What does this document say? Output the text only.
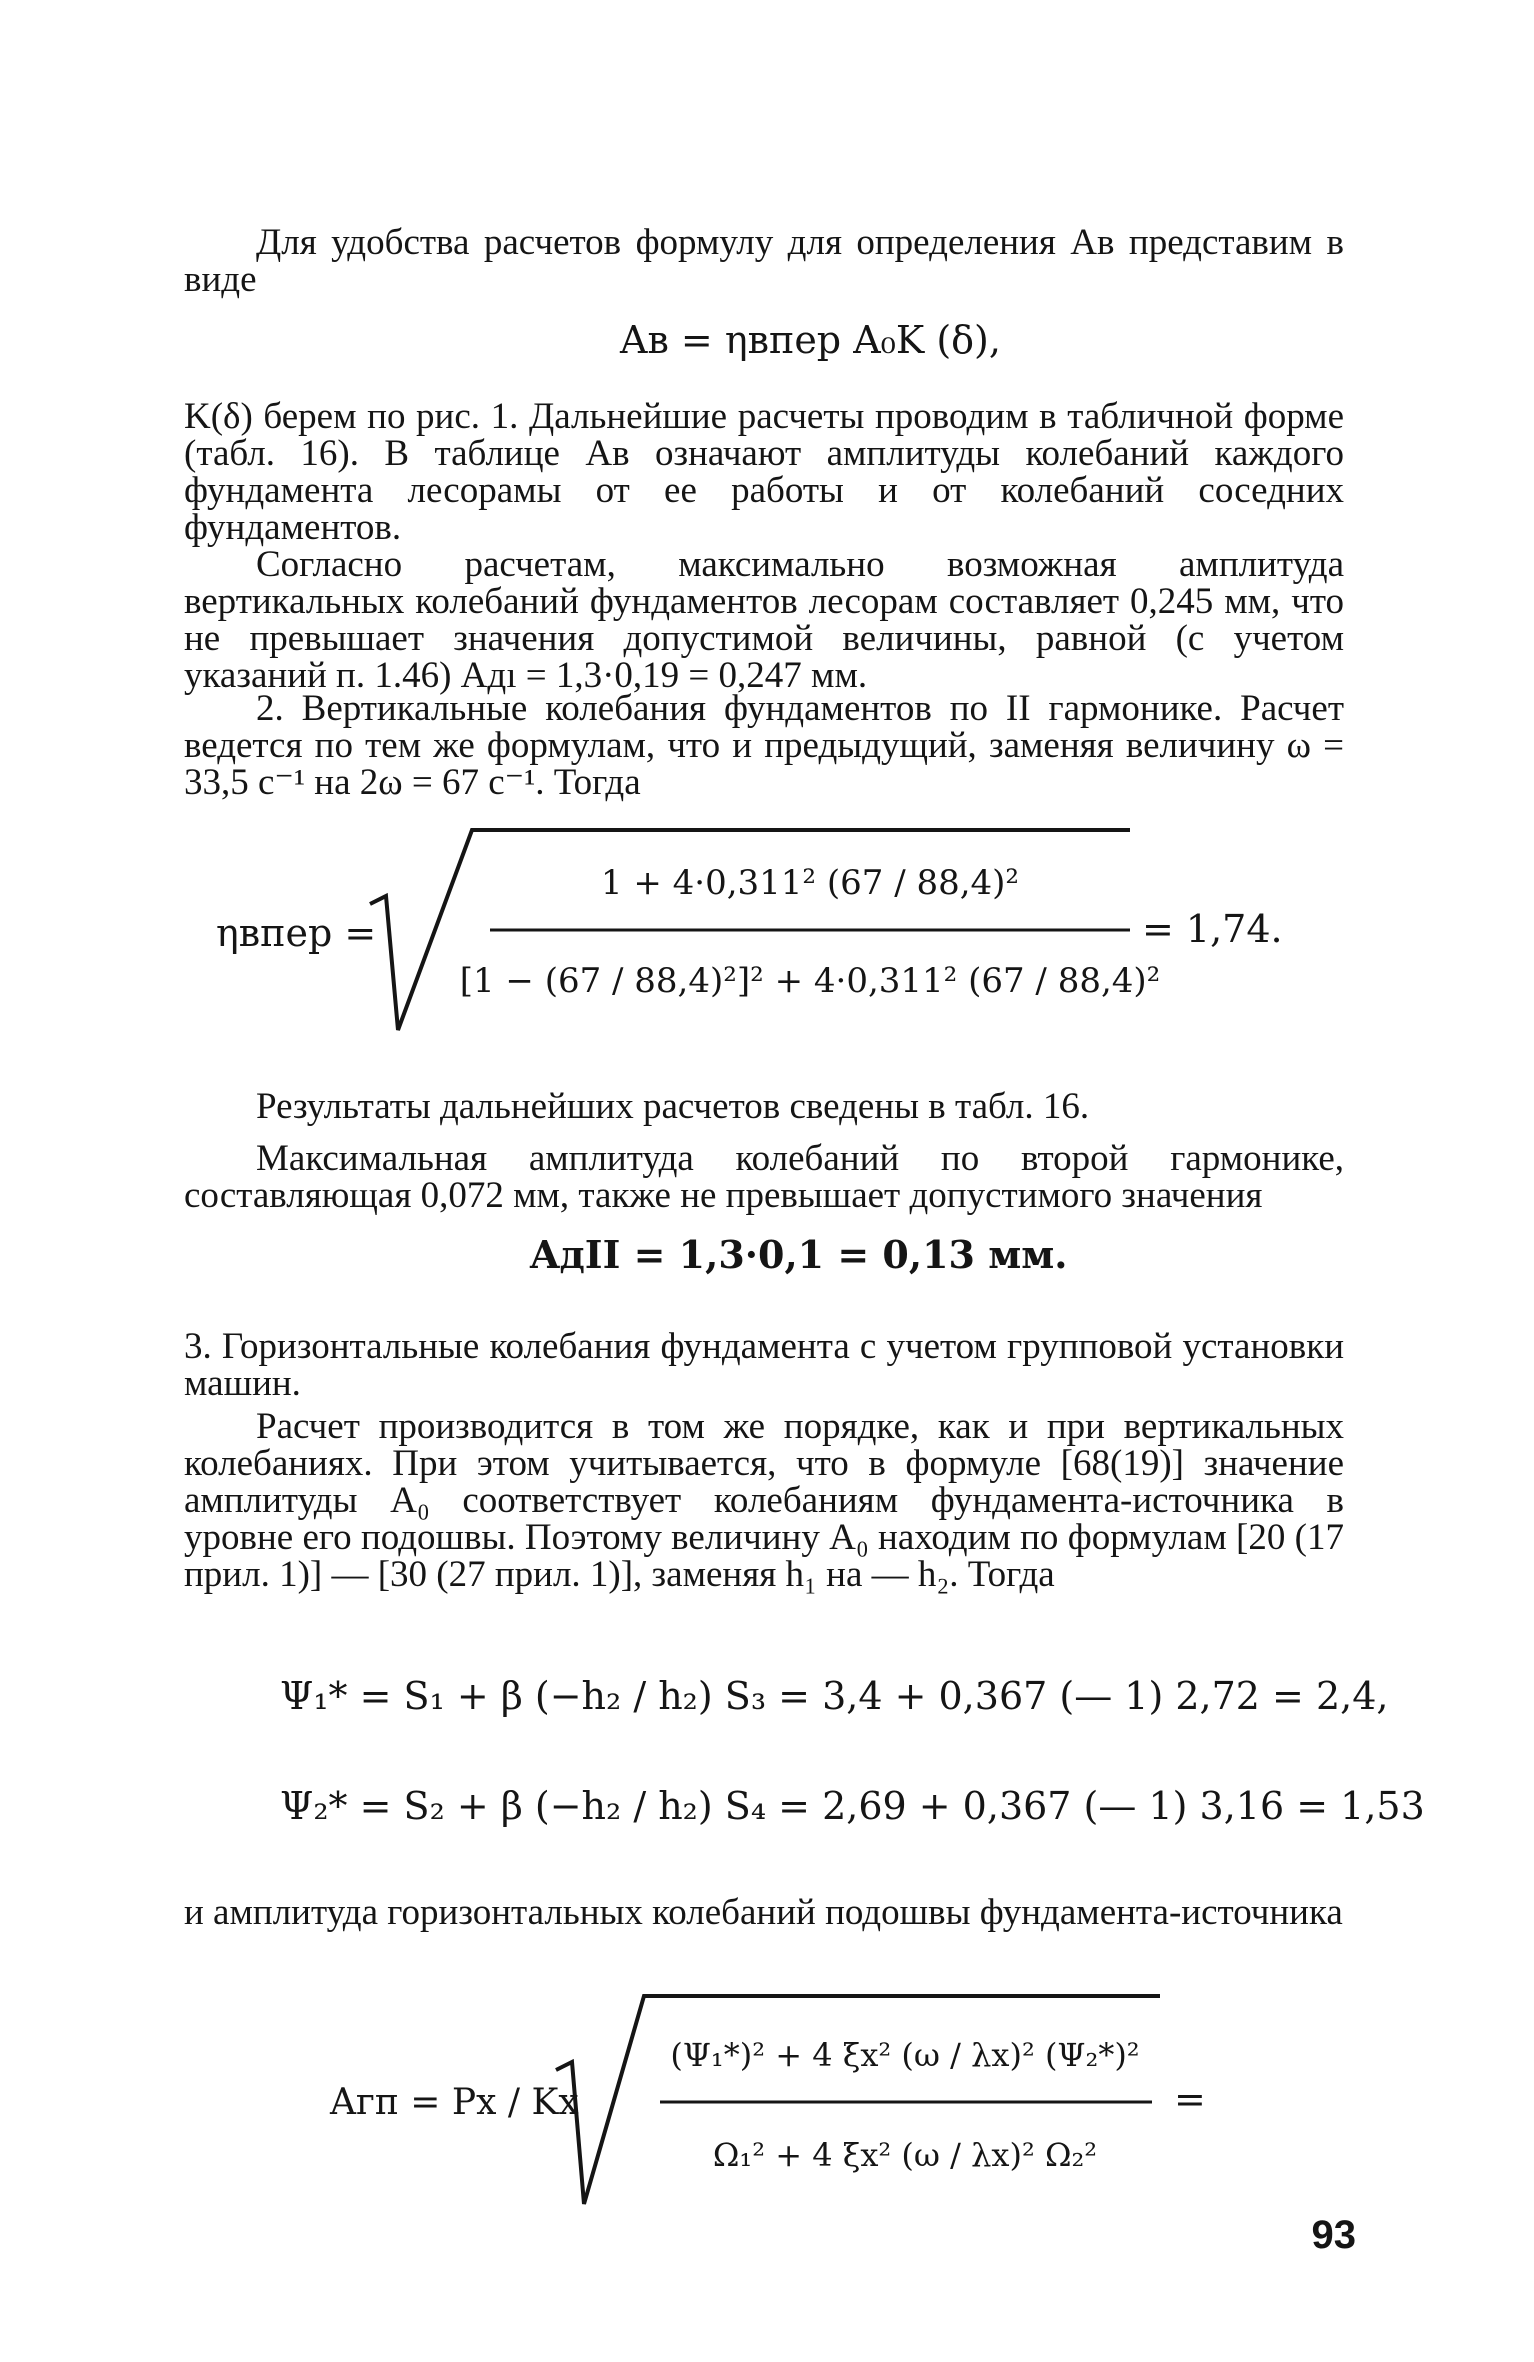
Для удобства расчетов формулу для определения Aв представим в виде
Aв = ηвпер A₀K (δ),
K(δ) берем по рис. 1. Дальнейшие расчеты проводим в табличной форме (табл. 16). В таблице Aв означают амплитуды колебаний каждого фундамента лесорамы от ее работы и от колебаний соседних фундаментов.
Согласно расчетам, максимально возможная амплитуда вертикальных колебаний фундаментов лесорам составляет 0,245 мм, что не превышает значения допустимой величины, равной (с учетом указаний п. 1.46) Aдı = 1,3·0,19 = 0,247 мм.
2. Вертикальные колебания фундаментов по II гармонике. Расчет ведется по тем же формулам, что и предыдущий, заменяя величину ω = 33,5 c⁻¹ на 2ω = 67 c⁻¹. Тогда
ηвпер =
1 + 4·0,311² (67 / 88,4)²
[1 − (67 / 88,4)²]² + 4·0,311² (67 / 88,4)²
= 1,74.
Результаты дальнейших расчетов сведены в табл. 16.
Максимальная амплитуда колебаний по второй гармонике, составляющая 0,072 мм, также не превышает допустимого значения
AдII = 1,3·0,1 = 0,13 мм.
3. Горизонтальные колебания фундамента с учетом групповой установки машин.
Расчет производится в том же порядке, как и при вертикальных колебаниях. При этом учитывается, что в формуле [68(19)] значение амплитуды A₀ соответствует колебаниям фундамента-источника в уровне его подошвы. Поэтому величину A₀ находим по формулам [20 (17 прил. 1)] — [30 (27 прил. 1)], заменяя h₁ на — h₂. Тогда
Ψ₁* = S₁ + β (−h₂ / h₂) S₃ = 3,4 + 0,367 (— 1) 2,72 = 2,4,
Ψ₂* = S₂ + β (−h₂ / h₂) S₄ = 2,69 + 0,367 (— 1) 3,16 = 1,53
и амплитуда горизонтальных колебаний подошвы фундамента-источника
Aгп = Px / Kx
(Ψ₁*)² + 4 ξx² (ω / λx)² (Ψ₂*)²
Ω₁² + 4 ξx² (ω / λx)² Ω₂²
=
93
